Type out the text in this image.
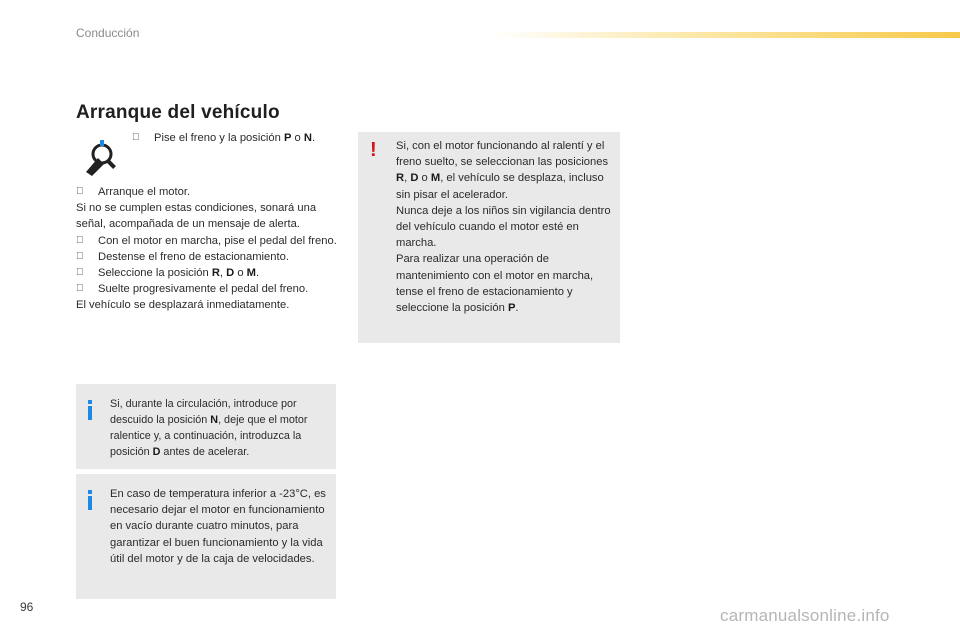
Conducción
Arranque del vehículo
Pise el freno y la posición P o N.
Arranque el motor.
Si no se cumplen estas condiciones, sonará una señal, acompañada de un mensaje de alerta.
Con el motor en marcha, pise el pedal del freno.
Destense el freno de estacionamiento.
Seleccione la posición R, D o M.
Suelte progresivamente el pedal del freno.
El vehículo se desplazará inmediatamente.
! Si, con el motor funcionando al ralentí y el freno suelto, se seleccionan las posiciones R, D o M, el vehículo se desplaza, incluso sin pisar el acelerador.
Nunca deje a los niños sin vigilancia dentro del vehículo cuando el motor esté en marcha.
Para realizar una operación de mantenimiento con el motor en marcha, tense el freno de estacionamiento y seleccione la posición P.
Si, durante la circulación, introduce por descuido la posición N, deje que el motor ralentice y, a continuación, introduzca la posición D antes de acelerar.
En caso de temperatura inferior a -23°C, es necesario dejar el motor en funcionamiento en vacío durante cuatro minutos, para garantizar el buen funcionamiento y la vida útil del motor y de la caja de velocidades.
96	carmanualsonline.info
